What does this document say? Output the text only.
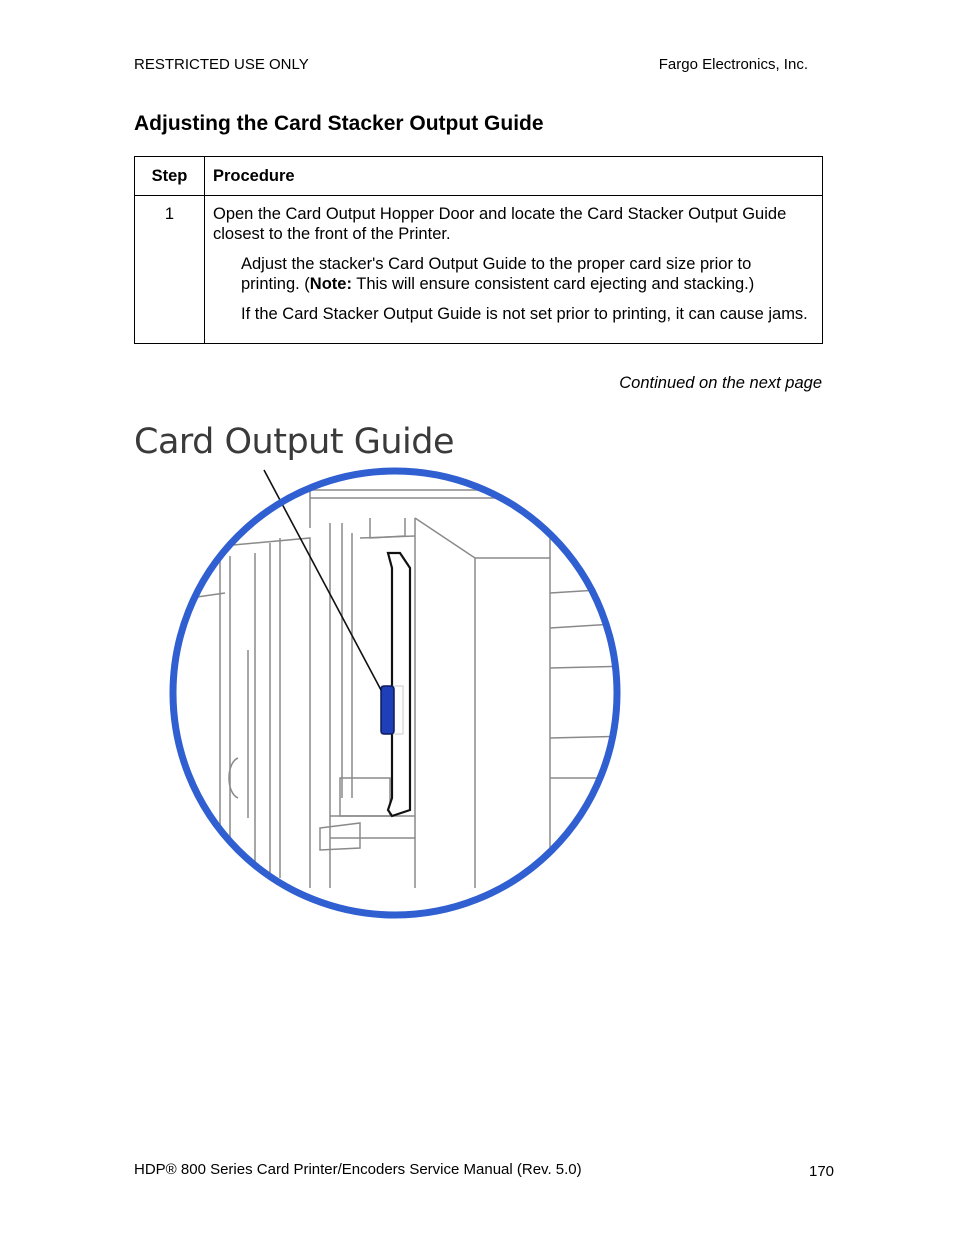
RESTRICTED USE ONLY	Fargo Electronics, Inc.
Adjusting the Card Stacker Output Guide
Step	Procedure
1	Open the Card Output Hopper Door and locate the Card Stacker Output Guide closest to the front of the Printer.

Adjust the stacker's Card Output Guide to the proper card size prior to printing. (Note: This will ensure consistent card ejecting and stacking.)

If the Card Stacker Output Guide is not set prior to printing, it can cause jams.

Continued on the next page
Card Output Guide
HDP® 800 Series Card Printer/Encoders Service Manual (Rev. 5.0)	170
